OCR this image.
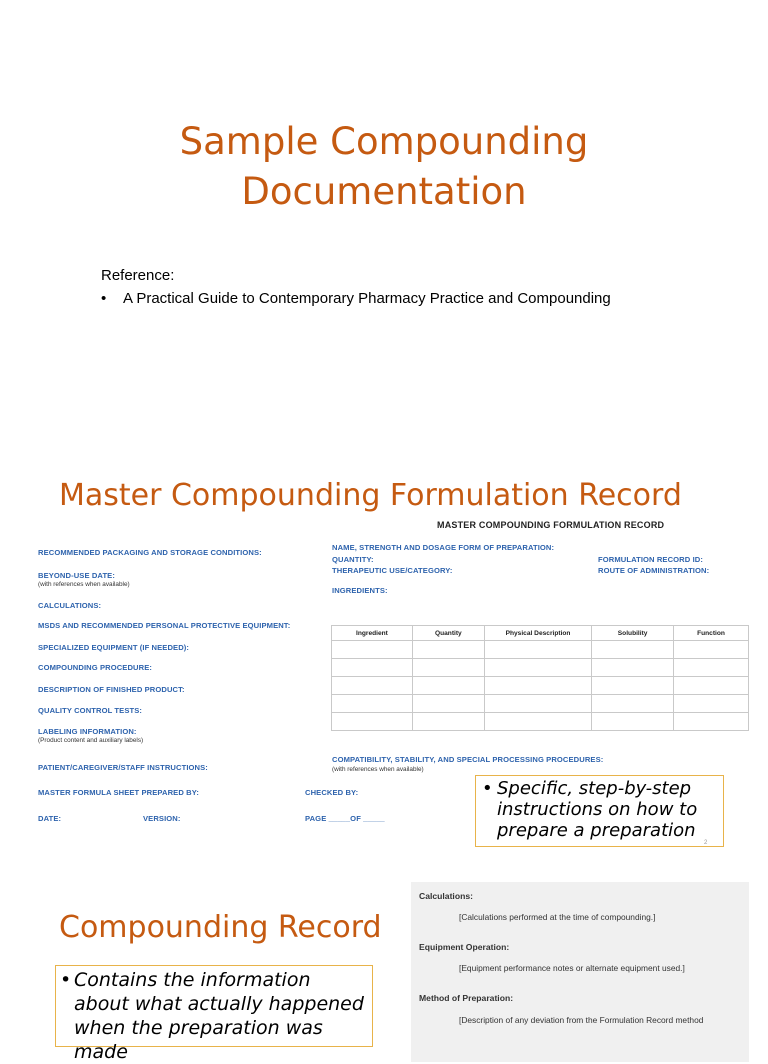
Sample Compounding
Documentation
Reference:
• A Practical Guide to Contemporary Pharmacy Practice and Compounding
Master Compounding Formulation Record
MASTER COMPOUNDING FORMULATION RECORD
RECOMMENDED PACKAGING AND STORAGE CONDITIONS:
BEYOND-USE DATE:
(with references when available)
CALCULATIONS:
MSDS AND RECOMMENDED PERSONAL PROTECTIVE EQUIPMENT:
SPECIALIZED EQUIPMENT (IF NEEDED):
COMPOUNDING PROCEDURE:
DESCRIPTION OF FINISHED PRODUCT:
QUALITY CONTROL TESTS:
LABELING INFORMATION:
(Product content and auxiliary labels)
PATIENT/CAREGIVER/STAFF INSTRUCTIONS:
MASTER FORMULA SHEET PREPARED BY:
DATE:	VERSION:
NAME, STRENGTH AND DOSAGE FORM OF PREPARATION:
QUANTITY:
THERAPEUTIC USE/CATEGORY:
FORMULATION RECORD ID:
ROUTE OF ADMINISTRATION:
INGREDIENTS:
Ingredient	Quantity	Physical Description	Solubility	Function

COMPATIBILITY, STABILITY, AND SPECIAL PROCESSING PROCEDURES:
(with references when available)
CHECKED BY:
PAGE _____OF _____
• Specific, step-by-step instructions on how to prepare a preparation
2
Compounding Record
• Contains the information about what actually happened when the preparation was made
Calculations:
[Calculations performed at the time of compounding.]
Equipment Operation:
[Equipment performance notes or alternate equipment used.]
Method of Preparation:
[Description of any deviation from the Formulation Record method
